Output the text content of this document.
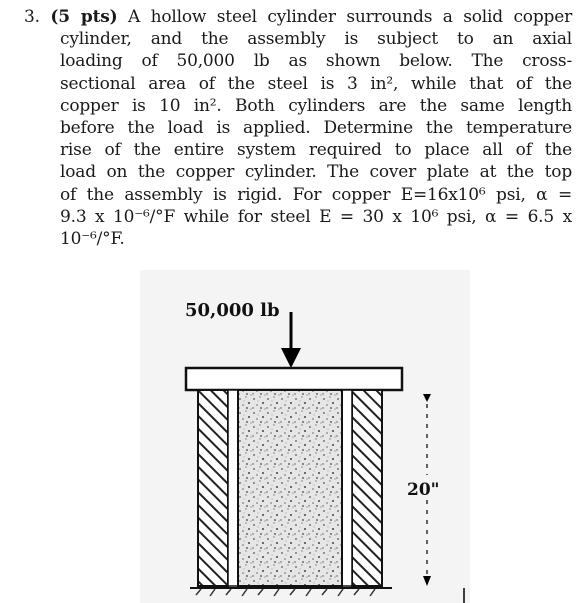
3. (5 pts) A hollow steel cylinder surrounds a solid copper
cylinder, and the assembly is subject to an axial
loading of 50,000 lb as shown below. The cross-
sectional area of the steel is 3 in², while that of the
copper is 10 in². Both cylinders are the same length
before the load is applied. Determine the temperature
rise of the entire system required to place all of the
load on the copper cylinder. The cover plate at the top
of the assembly is rigid. For copper E=16x10⁶ psi, α =
9.3 x 10⁻⁶/°F while for steel E = 30 x 10⁶ psi, α = 6.5 x
10⁻⁶/°F.
50,000 lb
20"
